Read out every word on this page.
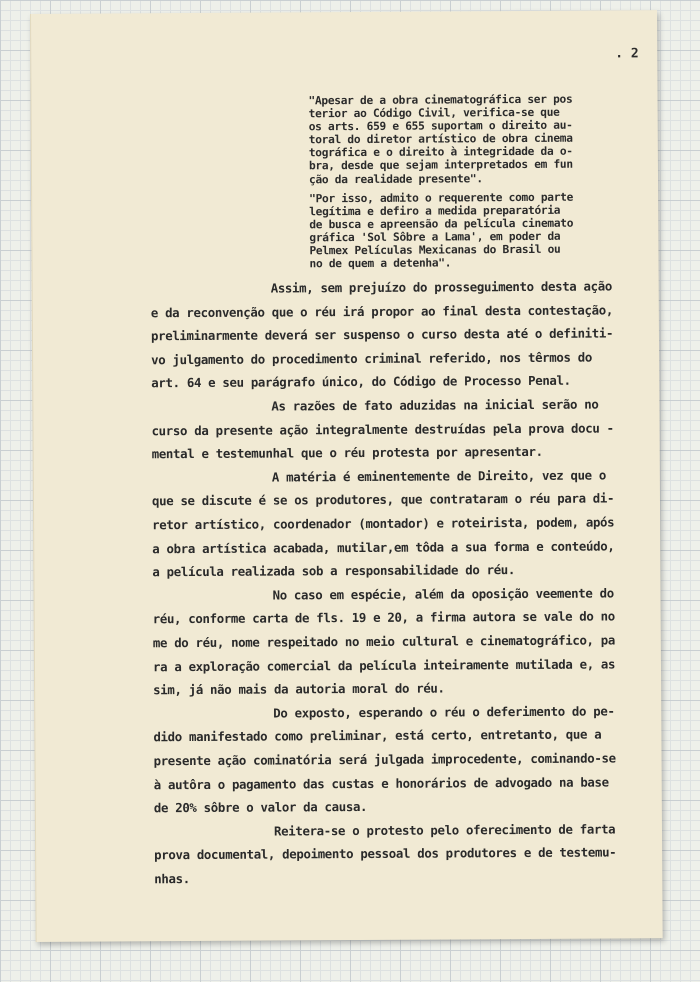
. 2
"Apesar de a obra cinematográfica ser pos
terior ao Código Civil, verifica-se que
os arts. 659 e 655 suportam o direito au-
toral do diretor artístico de obra cinema
tográfica e o direito à integridade da o-
bra, desde que sejam interpretados em fun
ção da realidade presente".
"Por isso, admito o requerente como parte
legítima e defiro a medida preparatória
de busca e apreensão da película cinemato
gráfica 'Sol Sôbre a Lama', em poder da
Pelmex Películas Mexicanas do Brasil ou
no de quem a detenha".
Assim, sem prejuízo do prosseguimento desta ação
e da reconvenção que o réu irá propor ao final desta contestação,
preliminarmente deverá ser suspenso o curso desta até o definiti-
vo julgamento do procedimento criminal referido, nos têrmos do
art. 64 e seu parágrafo único, do Código de Processo Penal.
As razões de fato aduzidas na inicial serão no
curso da presente ação integralmente destruídas pela prova docu -
mental e testemunhal que o réu protesta por apresentar.
A matéria é eminentemente de Direito, vez que o
que se discute é se os produtores, que contrataram o réu para di-
retor artístico, coordenador (montador) e roteirista, podem, após
a obra artística acabada, mutilar,em tôda a sua forma e conteúdo,
a película realizada sob a responsabilidade do réu.
No caso em espécie, além da oposição veemente do
réu, conforme carta de fls. 19 e 20, a firma autora se vale do no
me do réu, nome respeitado no meio cultural e cinematográfico, pa
ra a exploração comercial da película inteiramente mutilada e, as
sim, já não mais da autoria moral do réu.
Do exposto, esperando o réu o deferimento do pe-
dido manifestado como preliminar, está certo, entretanto, que a
presente ação cominatória será julgada improcedente, cominando-se
à autôra o pagamento das custas e honorários de advogado na base
de 20% sôbre o valor da causa.
Reitera-se o protesto pelo oferecimento de farta
prova documental, depoimento pessoal dos produtores e de testemu-
nhas.
